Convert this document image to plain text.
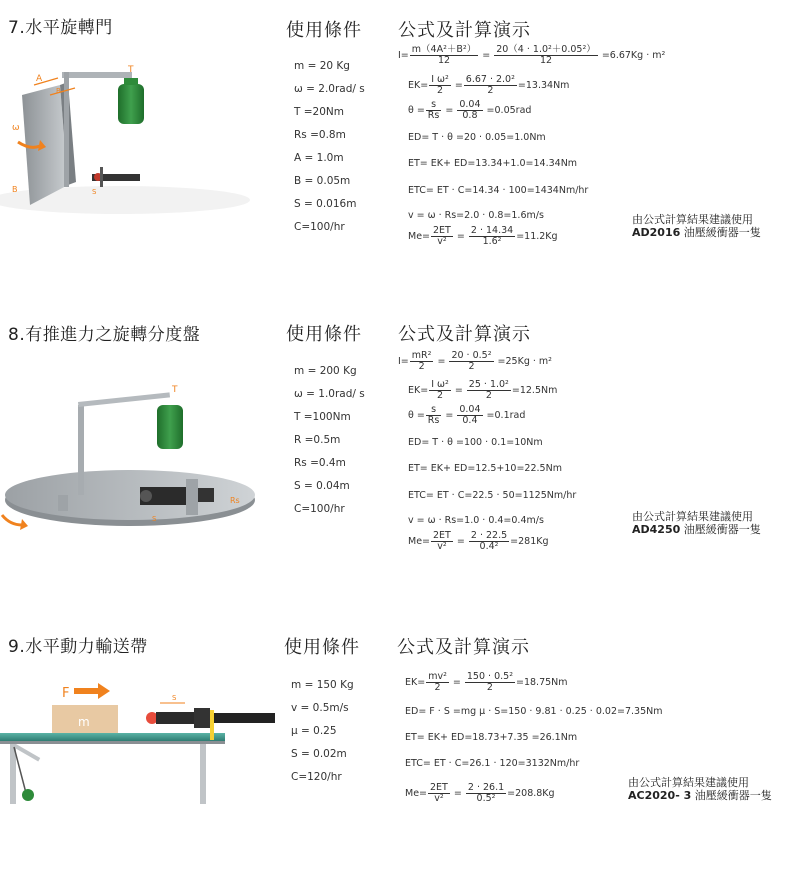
7.水平旋轉門	使用條件 公式及計算演示
A
B
T
ω
B	S
m = 20 Kg
ω = 2.0rad/ s
T =20Nm
Rs =0.8m
A = 1.0m
B = 0.05m
S = 0.016m
C=100/hr
$I= \frac{\text{m（4A²＋B²）}}{12} = \frac{\text{20（4 · 1.0²＋0.05²）}}{12} =6.67Kg \cdot m^2$
$EK= \frac{\text{I ω²}}{2} = \frac{\text{6.67 · 2.0²}}{2} =13.34Nm$
$\theta = \frac{s}{Rs} = \frac{0.04}{0.8} =0.05rad$
ED= T · θ =20 · 0.05=1.0Nm
ET= EK+ ED=13.34+1.0=14.34Nm
ETC= ET · C=14.34 · 100=1434Nm/hr
v = ω · Rs=2.0 · 0.8=1.6m/s
$Me= \frac{2ET}{\text{v²}} = \frac{2 \cdot 14.34}{\text{1.6²}} =11.2Kg$
由公式計算結果建議使用
AD2016 油壓緩衝器一隻
8.有推進力之旋轉分度盤	使用條件 公式及計算演示
T
Rs
S
m = 200 Kg
ω = 1.0rad/ s
T =100Nm
R =0.5m
Rs =0.4m
S = 0.04m
C=100/hr
$I= \frac{\text{mR²}}{2} = \frac{\text{20 · 0.5²}}{2} =25Kg \cdot m^2$
$EK= \frac{\text{I ω²}}{2} = \frac{\text{25 · 1.0²}}{2} =12.5Nm$
$\theta = \frac{s}{Rs} = \frac{0.04}{0.4} =0.1rad$
ED= T · θ =100 · 0.1=10Nm
ET= EK+ ED=12.5+10=22.5Nm
ETC= ET · C=22.5 · 50=1125Nm/hr
v = ω · Rs=1.0 · 0.4=0.4m/s
$Me= \frac{2ET}{\text{v²}} = \frac{2 \cdot 22.5}{\text{0.4²}} =281Kg$
由公式計算結果建議使用
AD4250 油壓緩衝器一隻
9.水平動力輸送帶	使用條件 公式及計算演示
F
m
S
m = 150 Kg
v = 0.5m/s
μ = 0.25
S = 0.02m
C=120/hr
$EK= \frac{\text{mv²}}{2} = \frac{\text{150 · 0.5²}}{2} =18.75Nm$
ED= F · S =mg μ · S=150 · 9.81 · 0.25 · 0.02=7.35Nm
ET= EK+ ED=18.73+7.35 =26.1Nm
ETC= ET · C=26.1 · 120=3132Nm/hr
$Me= \frac{2ET}{\text{v²}} = \frac{2 \cdot 26.1}{\text{0.5²}} =208.8Kg$
由公式計算結果建議使用
AC2020- 3 油壓緩衝器一隻
